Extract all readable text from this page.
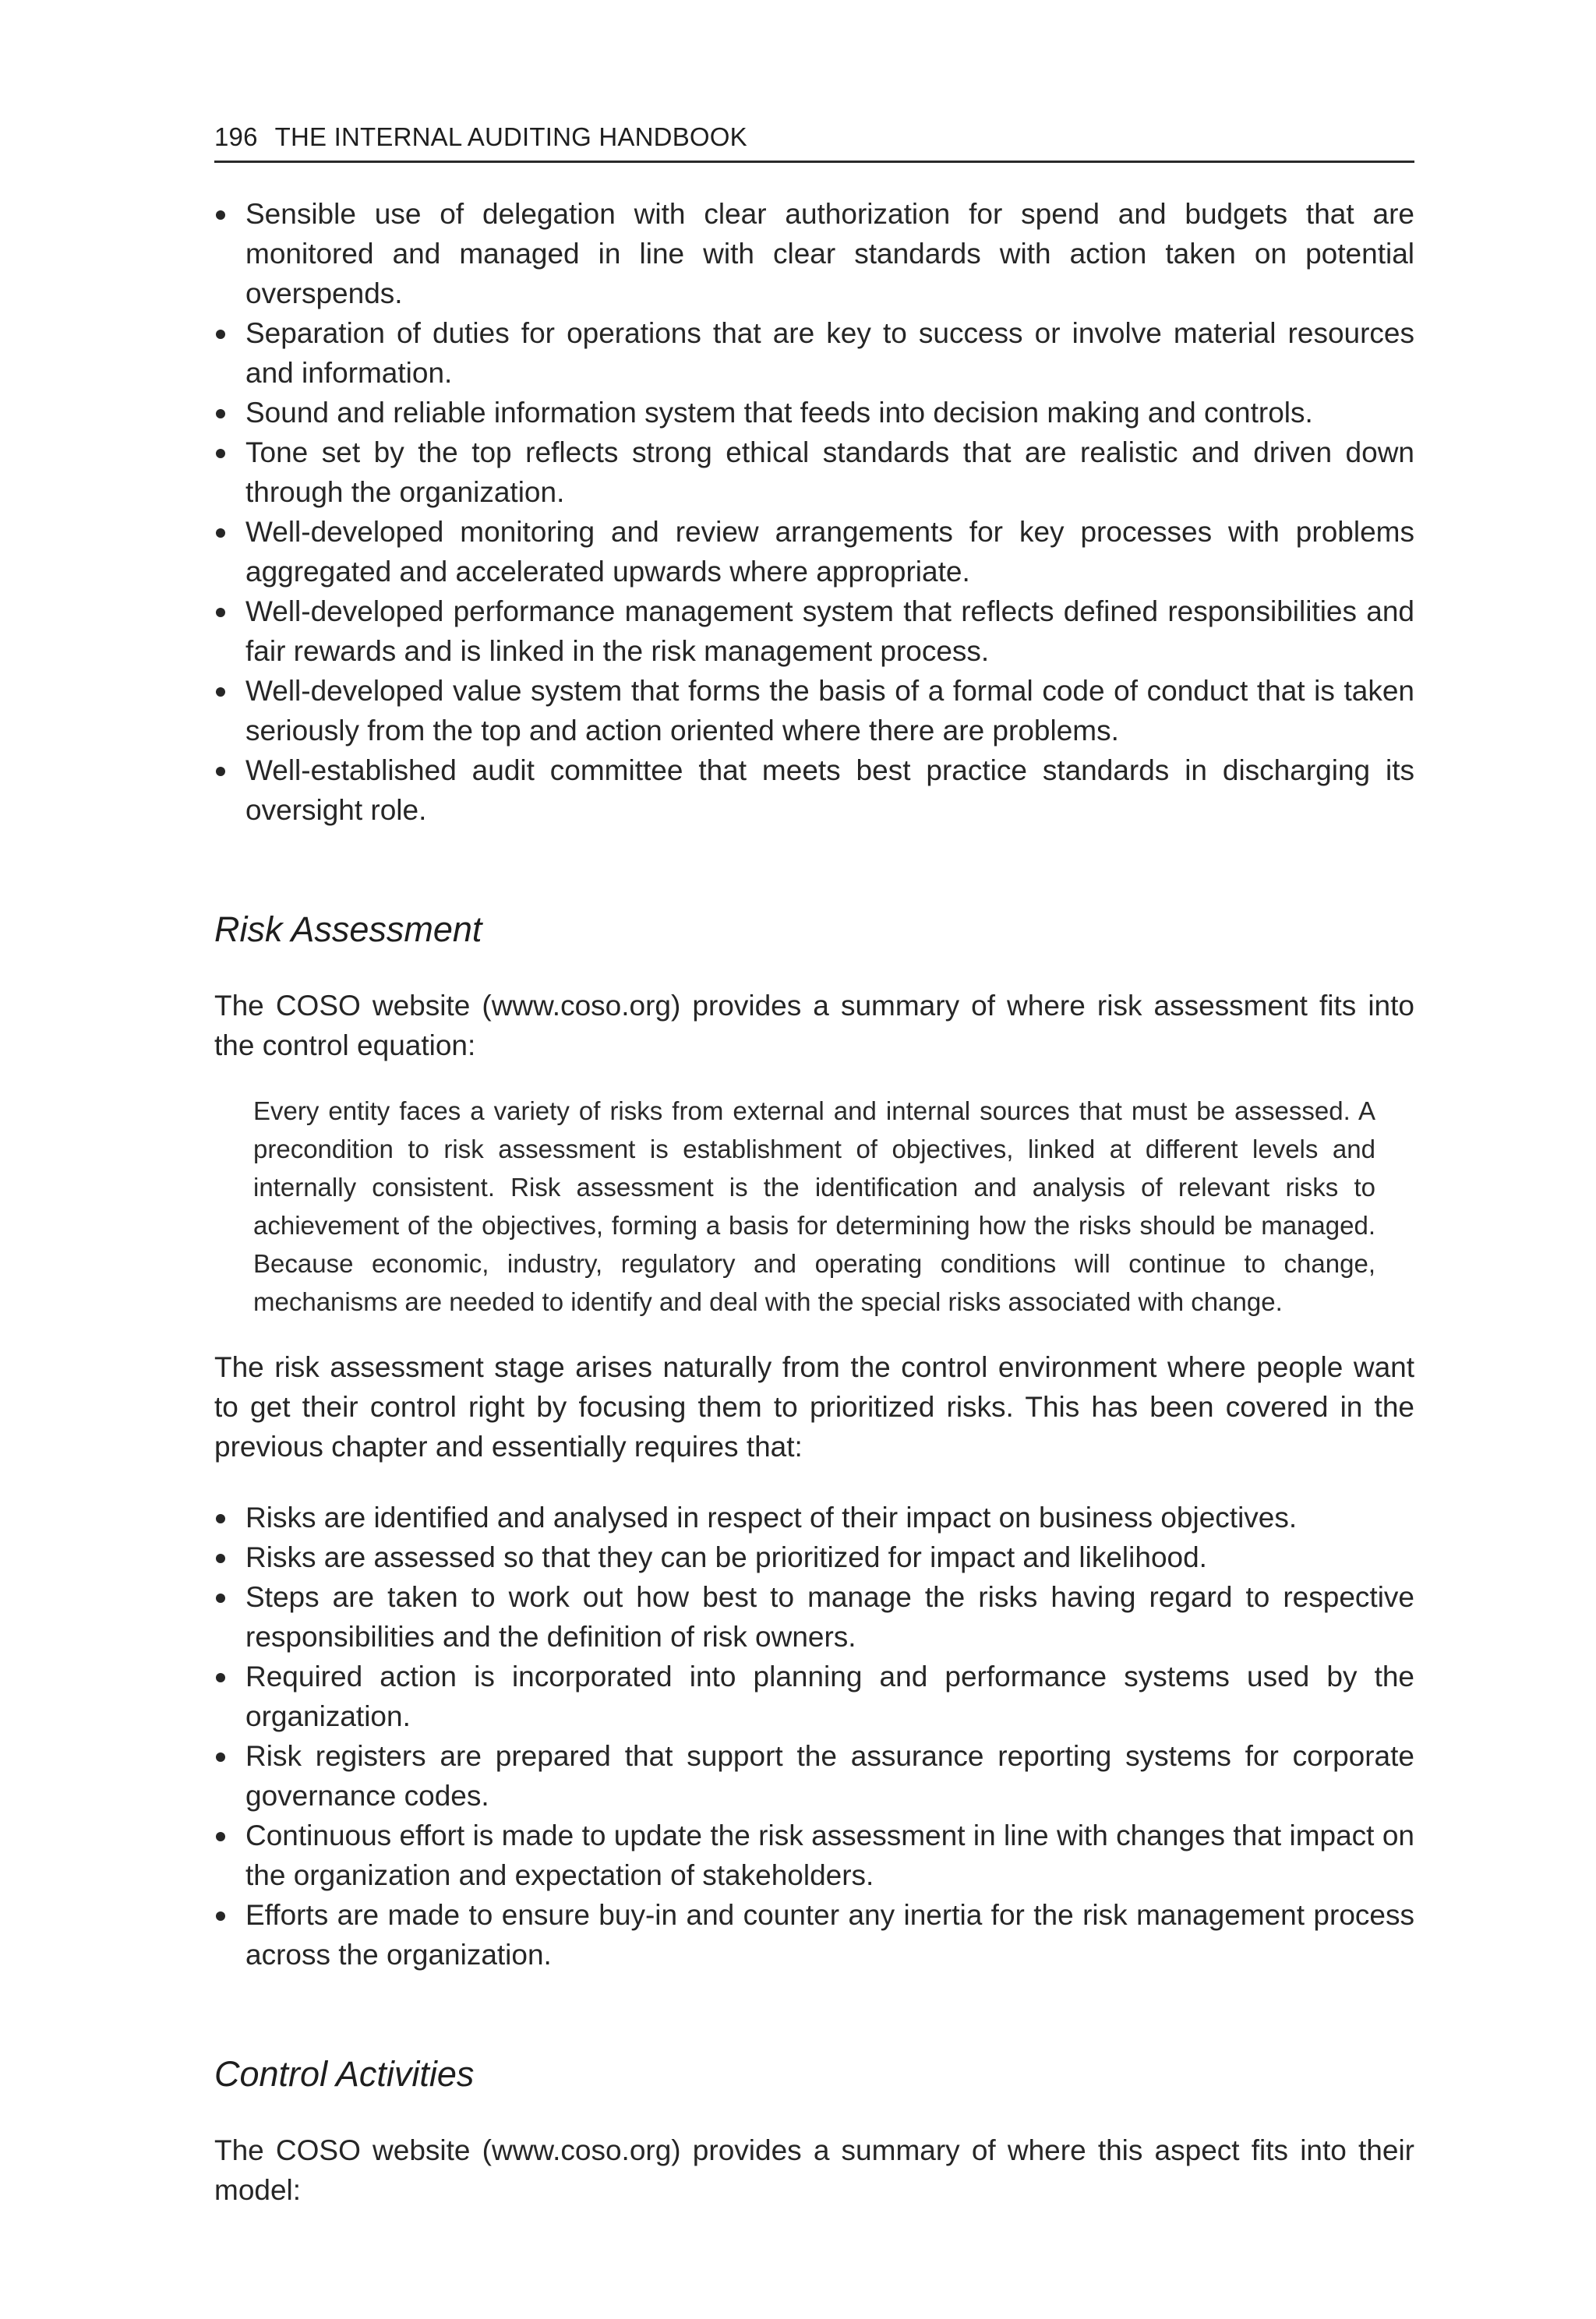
196 THE INTERNAL AUDITING HANDBOOK
Sensible use of delegation with clear authorization for spend and budgets that are monitored and managed in line with clear standards with action taken on potential overspends.
Separation of duties for operations that are key to success or involve material resources and information.
Sound and reliable information system that feeds into decision making and controls.
Tone set by the top reflects strong ethical standards that are realistic and driven down through the organization.
Well-developed monitoring and review arrangements for key processes with problems aggregated and accelerated upwards where appropriate.
Well-developed performance management system that reflects defined responsibilities and fair rewards and is linked in the risk management process.
Well-developed value system that forms the basis of a formal code of conduct that is taken seriously from the top and action oriented where there are problems.
Well-established audit committee that meets best practice standards in discharging its oversight role.
Risk Assessment

The COSO website (www.coso.org) provides a summary of where risk assessment fits into the control equation:

Every entity faces a variety of risks from external and internal sources that must be assessed. A precondition to risk assessment is establishment of objectives, linked at different levels and internally consistent. Risk assessment is the identification and analysis of relevant risks to achievement of the objectives, forming a basis for determining how the risks should be managed. Because economic, industry, regulatory and operating conditions will continue to change, mechanisms are needed to identify and deal with the special risks associated with change.

The risk assessment stage arises naturally from the control environment where people want to get their control right by focusing them to prioritized risks. This has been covered in the previous chapter and essentially requires that:

Risks are identified and analysed in respect of their impact on business objectives.
Risks are assessed so that they can be prioritized for impact and likelihood.
Steps are taken to work out how best to manage the risks having regard to respective responsibilities and the definition of risk owners.
Required action is incorporated into planning and performance systems used by the organization.
Risk registers are prepared that support the assurance reporting systems for corporate governance codes.
Continuous effort is made to update the risk assessment in line with changes that impact on the organization and expectation of stakeholders.
Efforts are made to ensure buy-in and counter any inertia for the risk management process across the organization.
Control Activities

The COSO website (www.coso.org) provides a summary of where this aspect fits into their model:
